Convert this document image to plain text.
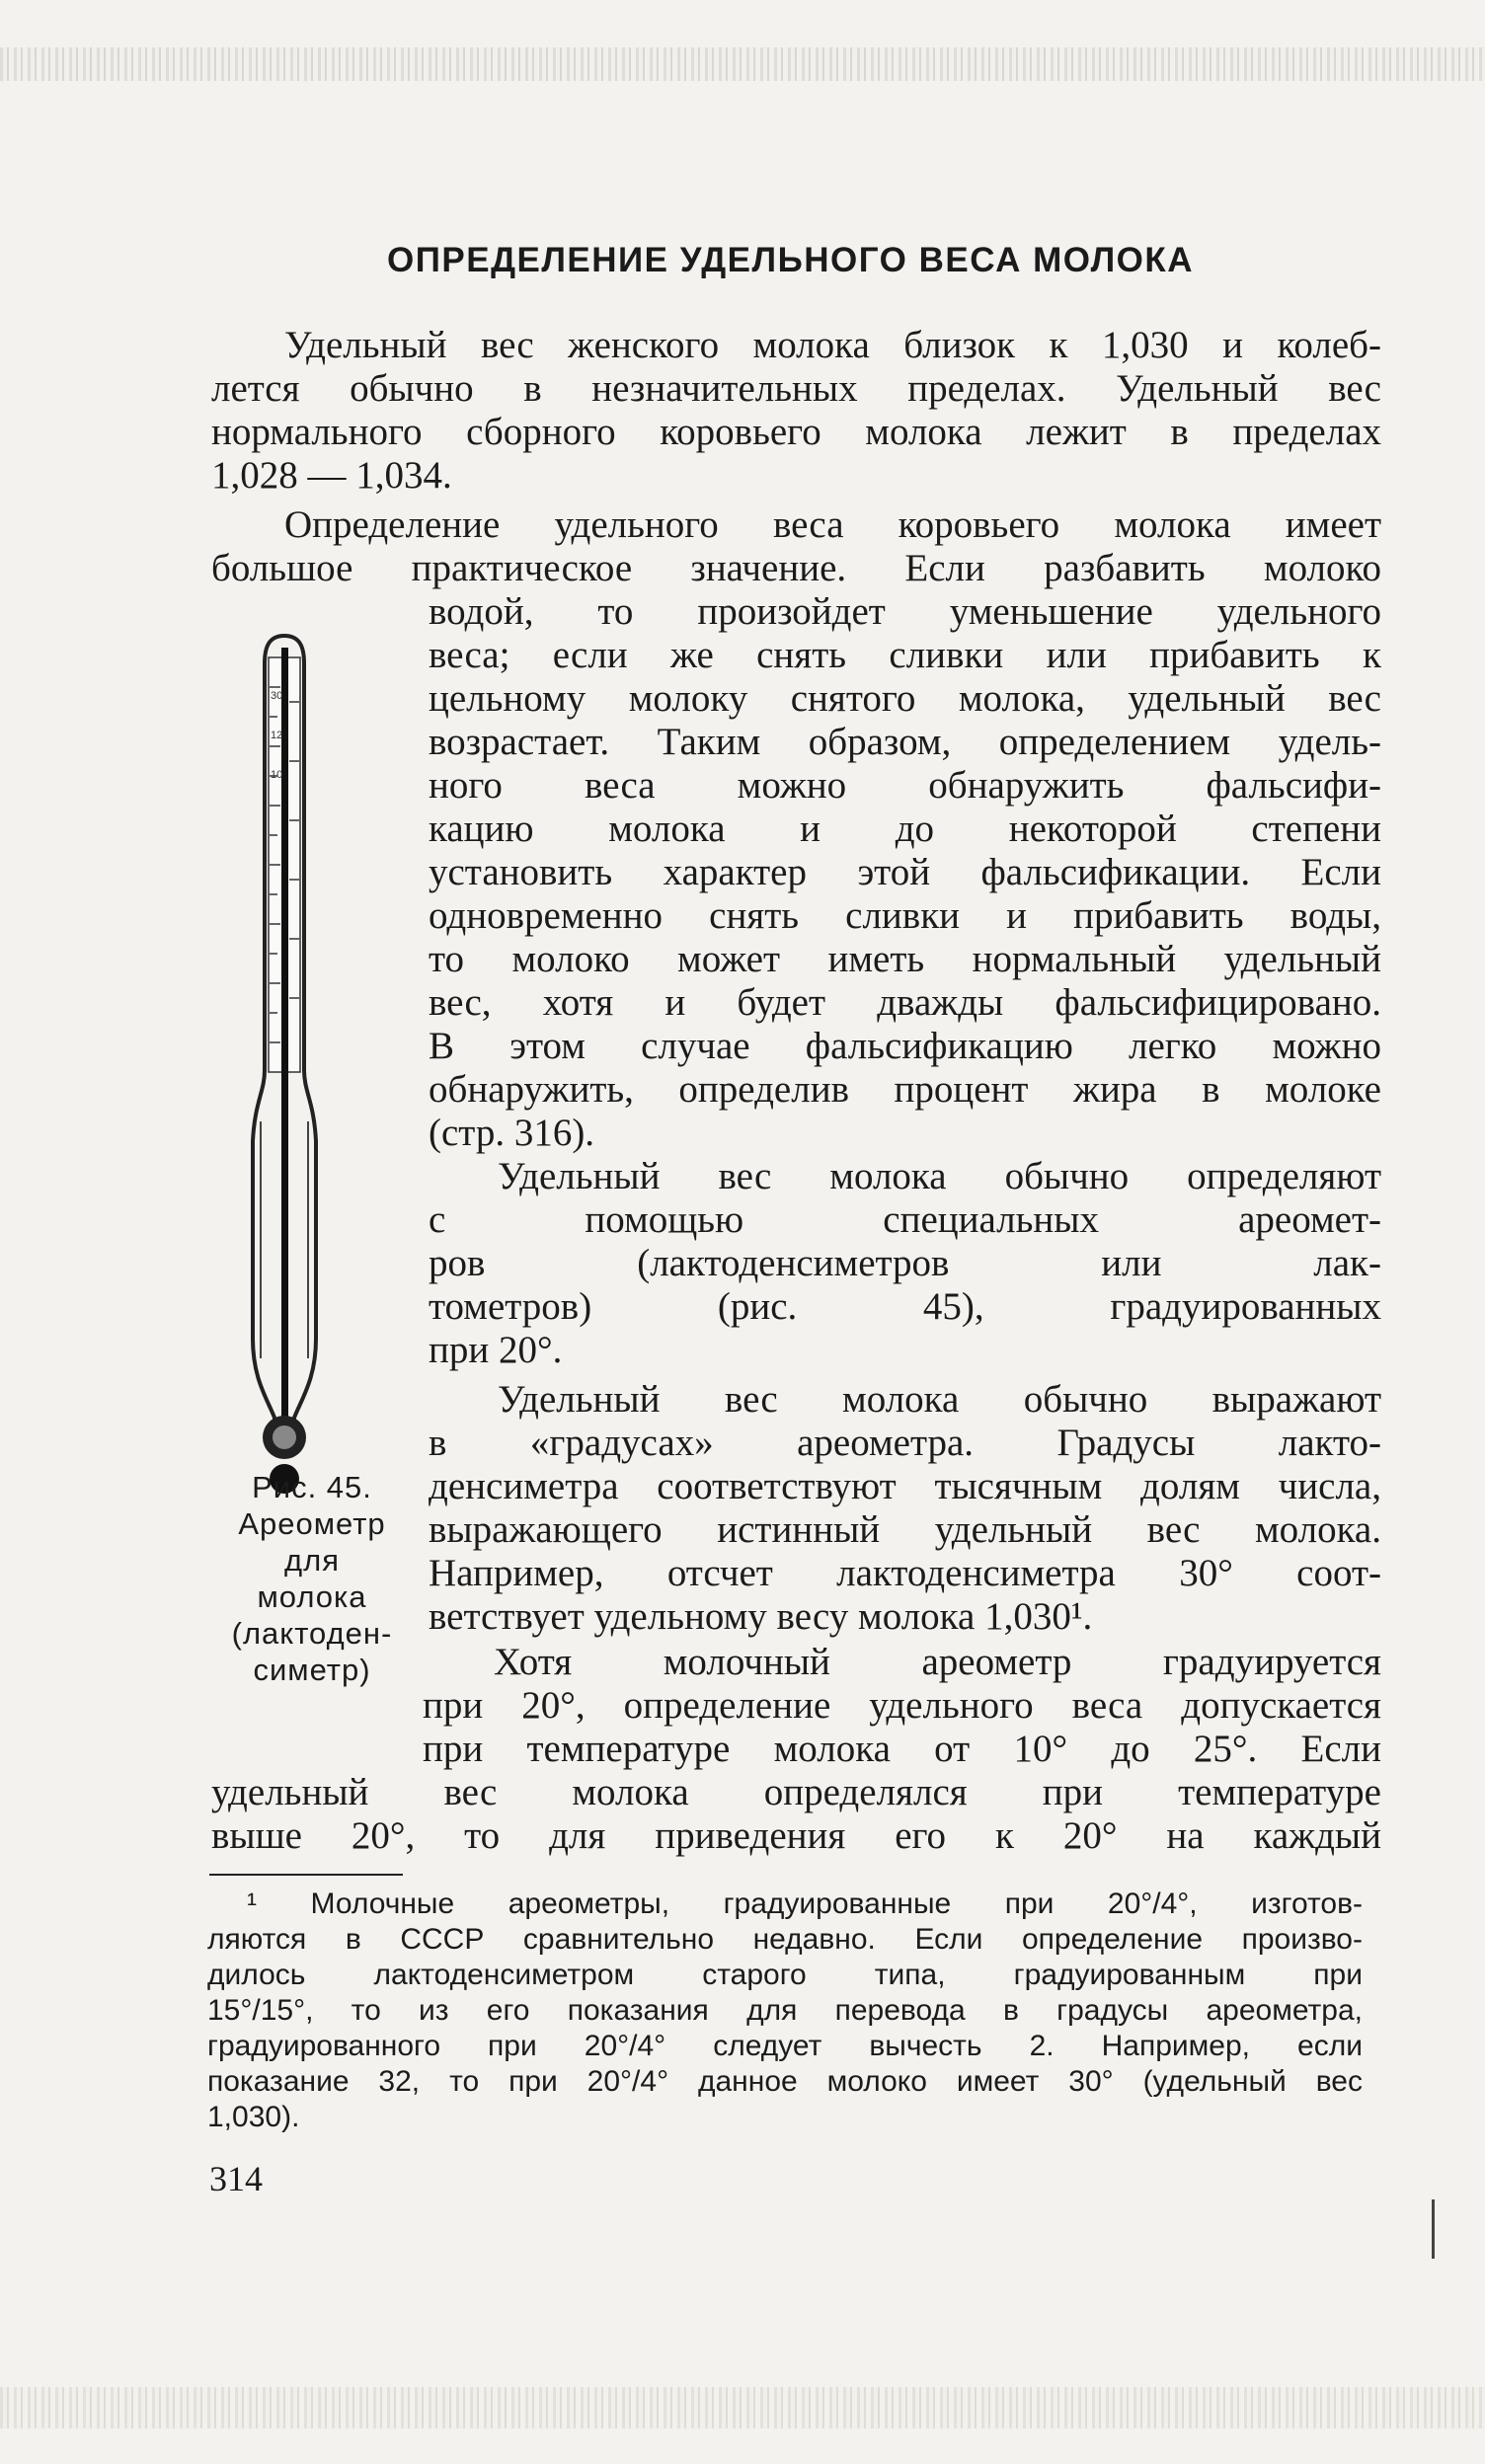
ОПРЕДЕЛЕНИЕ УДЕЛЬНОГО ВЕСА МОЛОКА
Удельный вес женского молока близок к 1,030 и колеб-
лется обычно в незначительных пределах. Удельный вес
нормального сборного коровьего молока лежит в пределах
1,028 — 1,034.
Определение удельного веса коровьего молока имеет
большое практическое значение. Если разбавить молоко
водой, то произойдет уменьшение удельного
веса; если же снять сливки или прибавить к
цельному молоку снятого молока, удельный вес
возрастает. Таким образом, определением удель-
ного веса можно обнаружить фальсифи-
кацию молока и до некоторой степени
установить характер этой фальсификации. Если
одновременно снять сливки и прибавить воды,
то молоко может иметь нормальный удельный
вес, хотя и будет дважды фальсифицировано.
В этом случае фальсификацию легко можно
обнаружить, определив процент жира в молоке
(стр. 316).
Удельный вес молока обычно определяют
с помощью специальных ареомет-
ров (лактоденсиметров или лак-
тометров) (рис. 45), градуированных
при 20°.
Удельный вес молока обычно выражают
в «градусах» ареометра. Градусы лакто-
денсиметра соответствуют тысячным долям числа,
выражающего истинный удельный вес молока.
Например, отсчет лактоденсиметра 30° соот-
ветствует удельному весу молока 1,030¹.
Хотя молочный ареометр градуируется
при 20°, определение удельного веса допускается
при температуре молока от 10° до 25°. Если
удельный вес молока определялся при температуре
выше 20°, то для приведения его к 20° на каждый
30
12
10
Рис. 45.
Ареометр
для
молока
(лактоден-
симетр)
¹ Молочные ареометры, градуированные при 20°/4°, изготов-
ляются в СССР сравнительно недавно. Если определение произво-
дилось лактоденсиметром старого типа, градуированным при
15°/15°, то из его показания для перевода в градусы ареометра,
градуированного при 20°/4° следует вычесть 2. Например, если
показание 32, то при 20°/4° данное молоко имеет 30° (удельный вес
1,030).
314
